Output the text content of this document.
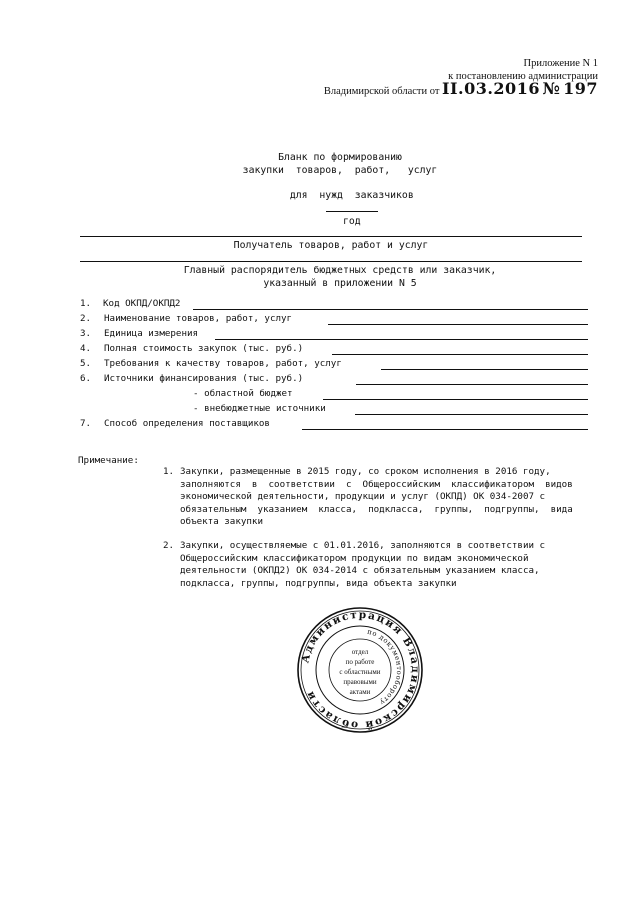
Приложение N 1
к постановлению администрации
Владимирской области от II.03.2016 № 197
Бланк по формированию
закупки  товаров,  работ,   услуг

для  нужд  заказчиков

год

Получатель товаров, работ и услуг
Главный распорядитель бюджетных средств или заказчик,
указанный в приложении N 5
1. Код ОКПД/ОКПД2
2. Наименование товаров, работ, услуг
3. Единица измерения
4. Полная стоимость закупок (тыс. руб.)
5. Требования к качеству товаров, работ, услуг
6. Источники финансирования (тыс. руб.)
- областной бюджет
- внебюджетные источники
7. Способ определения поставщиков
Примечание:
1. Закупки, размещенные в 2015 году, со сроком исполнения в 2016 году,

заполняются  в  соответствии  с  Общероссийским  классификатором  видов

экономической деятельности, продукции и услуг (ОКПД) ОК 034-2007 с

обязательным  указанием  класса,  подкласса,  группы,  подгруппы,  вида

объекта закупки

2. Закупки, осуществляемые с 01.01.2016, заполняются в соответствии с

Общероссийским классификатором продукции по видам экономической

деятельности (ОКПД2) ОК 034-2014 с обязательным указанием класса,

подкласса, группы, подгруппы, вида объекта закупки

Администрация Владимирской области
по документообороту
отдел
по работе
с областными
правовыми
актами
